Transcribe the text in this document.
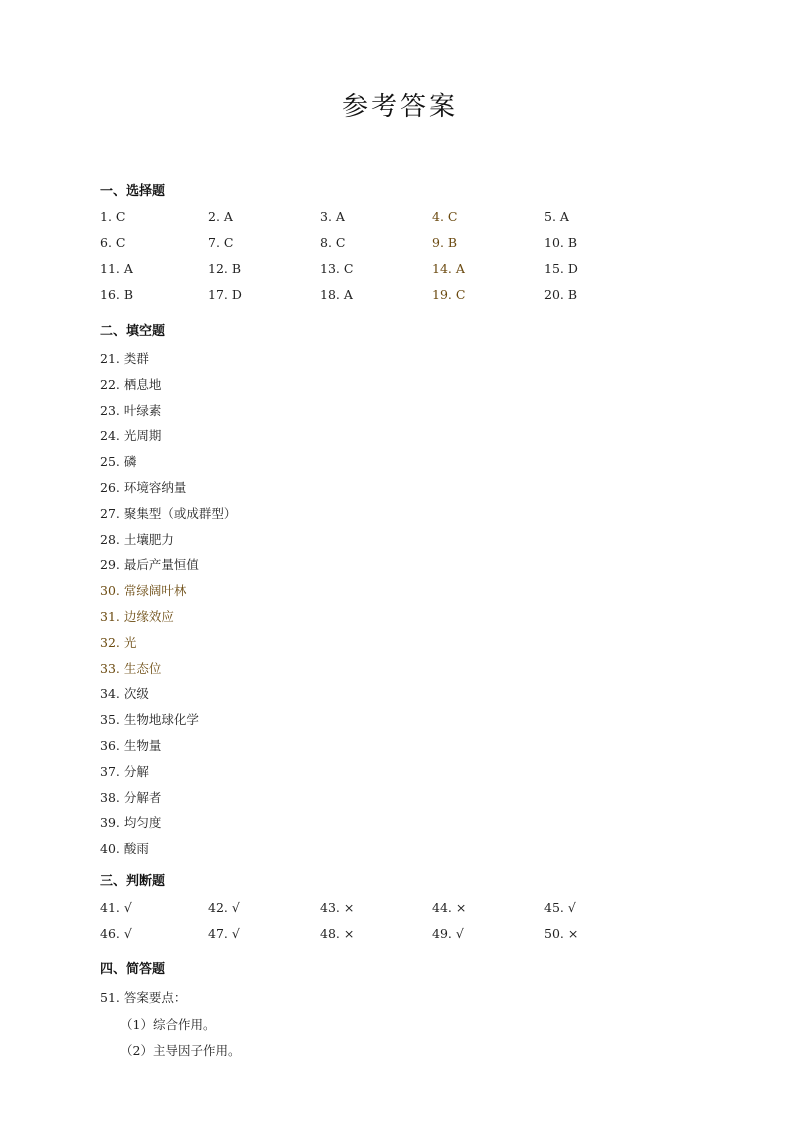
参考答案
一、选择题
1. C	2. A	3. A	4. C	5. A
6. C	7. C	8. C	9. B	10. B
11. A	12. B	13. C	14. A	15. D
16. B	17. D	18. A	19. C	20. B
二、填空题
21. 类群
22. 栖息地
23. 叶绿素
24. 光周期
25. 磷
26. 环境容纳量
27. 聚集型（或成群型）
28. 土壤肥力
29. 最后产量恒值
30. 常绿阔叶林
31. 边缘效应
32. 光
33. 生态位
34. 次级
35. 生物地球化学
36. 生物量
37. 分解
38. 分解者
39. 均匀度
40. 酸雨
三、判断题
41. √	42. √	43. ×	44. ×	45. √
46. √	47. √	48. ×	49. √	50. ×
四、简答题
51. 答案要点：
（1）综合作用。
（2）主导因子作用。
